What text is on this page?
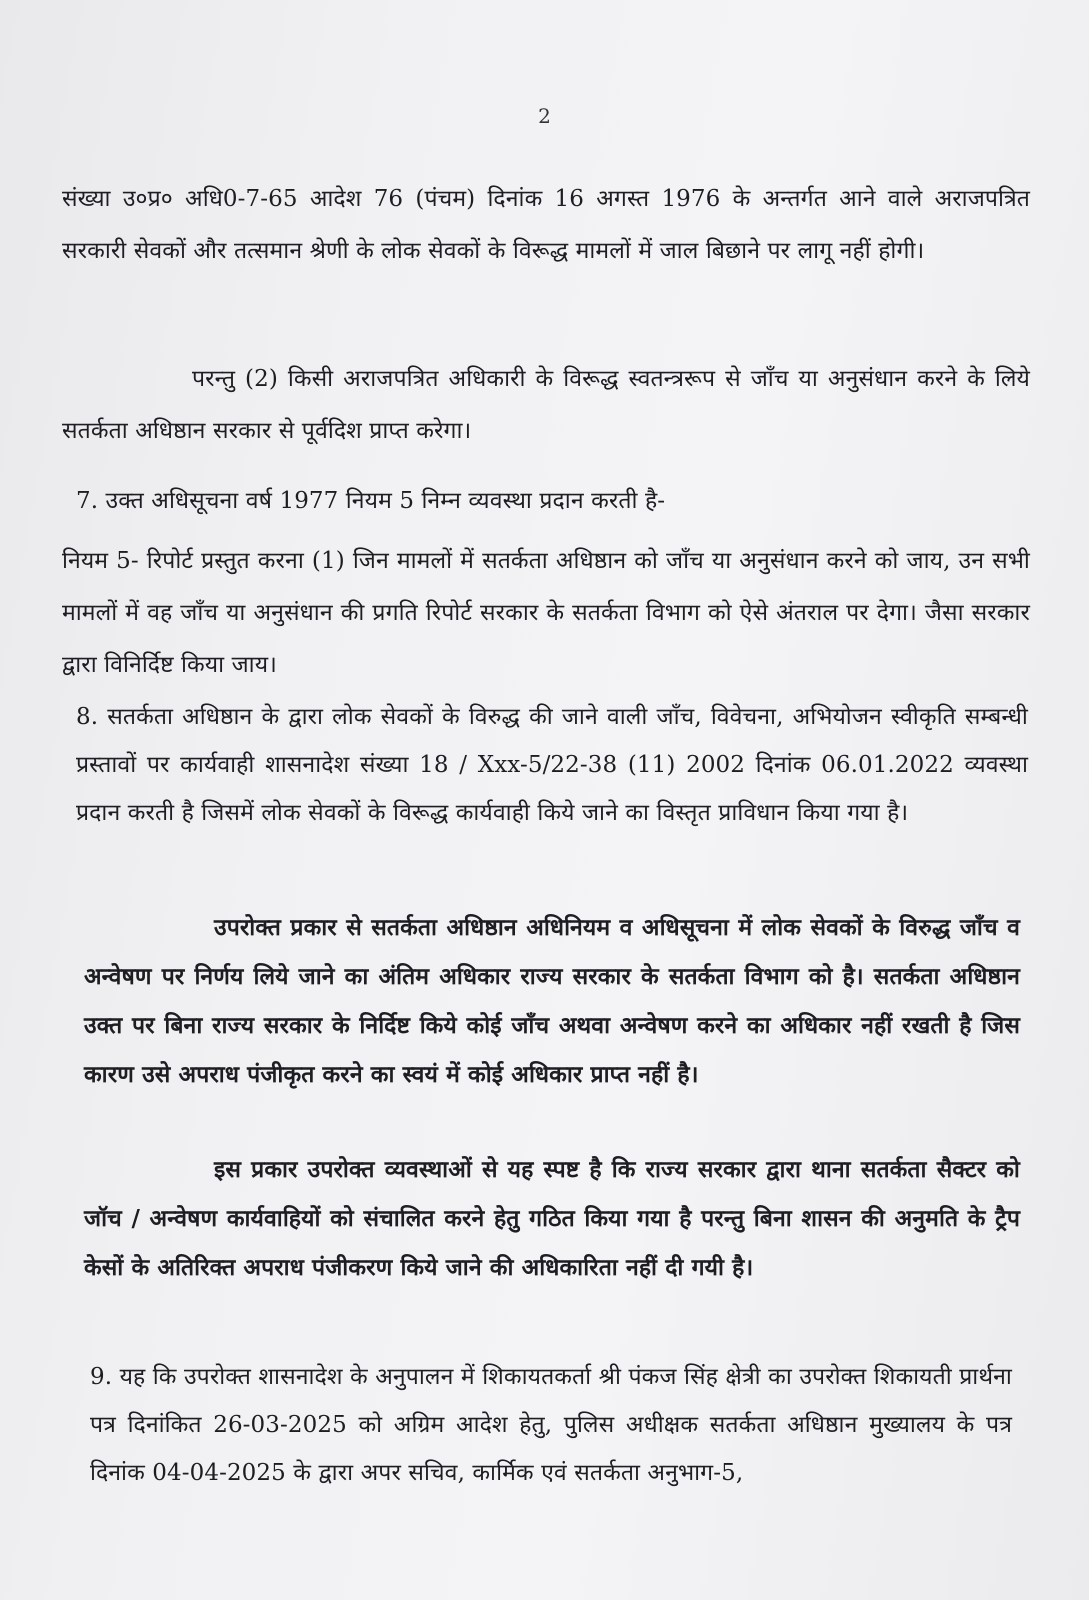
2

संख्या उ०प्र० अधि0-7-65 आदेश 76 (पंचम) दिनांक 16 अगस्त 1976 के अन्तर्गत आने वाले अराजपत्रित सरकारी सेवकों और तत्समान श्रेणी के लोक सेवकों के विरूद्ध मामलों में जाल बिछाने पर लागू नहीं होगी।

परन्तु (2) किसी अराजपत्रित अधिकारी के विरूद्ध स्वतन्त्ररूप से जाँच या अनुसंधान करने के लिये सतर्कता अधिष्ठान सरकार से पूर्वदिश प्राप्त करेगा।

7. उक्त अधिसूचना वर्ष 1977 नियम 5 निम्न व्यवस्था प्रदान करती है-

नियम 5- रिपोर्ट प्रस्तुत करना (1) जिन मामलों में सतर्कता अधिष्ठान को जाँच या अनुसंधान करने को जाय, उन सभी मामलों में वह जाँच या अनुसंधान की प्रगति रिपोर्ट सरकार के सतर्कता विभाग को ऐसे अंतराल पर देगा। जैसा सरकार द्वारा विनिर्दिष्ट किया जाय।

8. सतर्कता अधिष्ठान के द्वारा लोक सेवकों के विरुद्ध की जाने वाली जाँच, विवेचना, अभियोजन स्वीकृति सम्बन्धी प्रस्तावों पर कार्यवाही शासनादेश संख्या 18 / Xxx-5/22-38 (11) 2002 दिनांक 06.01.2022 व्यवस्था प्रदान करती है जिसमें लोक सेवकों के विरूद्ध कार्यवाही किये जाने का विस्तृत प्राविधान किया गया है।

उपरोक्त प्रकार से सतर्कता अधिष्ठान अधिनियम व अधिसूचना में लोक सेवकों के विरुद्ध जाँच व अन्वेषण पर निर्णय लिये जाने का अंतिम अधिकार राज्य सरकार के सतर्कता विभाग को है। सतर्कता अधिष्ठान उक्त पर बिना राज्य सरकार के निर्दिष्ट किये कोई जाँच अथवा अन्वेषण करने का अधिकार नहीं रखती है जिस कारण उसे अपराध पंजीकृत करने का स्वयं में कोई अधिकार प्राप्त नहीं है।

इस प्रकार उपरोक्त व्यवस्थाओं से यह स्पष्ट है कि राज्य सरकार द्वारा थाना सतर्कता सैक्टर को जॉच / अन्वेषण कार्यवाहियों को संचालित करने हेतु गठित किया गया है परन्तु बिना शासन की अनुमति के ट्रैप केसों के अतिरिक्त अपराध पंजीकरण किये जाने की अधिकारिता नहीं दी गयी है।

9. यह कि उपरोक्त शासनादेश के अनुपालन में शिकायतकर्ता श्री पंकज सिंह क्षेत्री का उपरोक्त शिकायती प्रार्थना पत्र दिनांकित 26-03-2025 को अग्रिम आदेश हेतु, पुलिस अधीक्षक सतर्कता अधिष्ठान मुख्यालय के पत्र दिनांक 04-04-2025 के द्वारा अपर सचिव, कार्मिक एवं सतर्कता अनुभाग-5,
